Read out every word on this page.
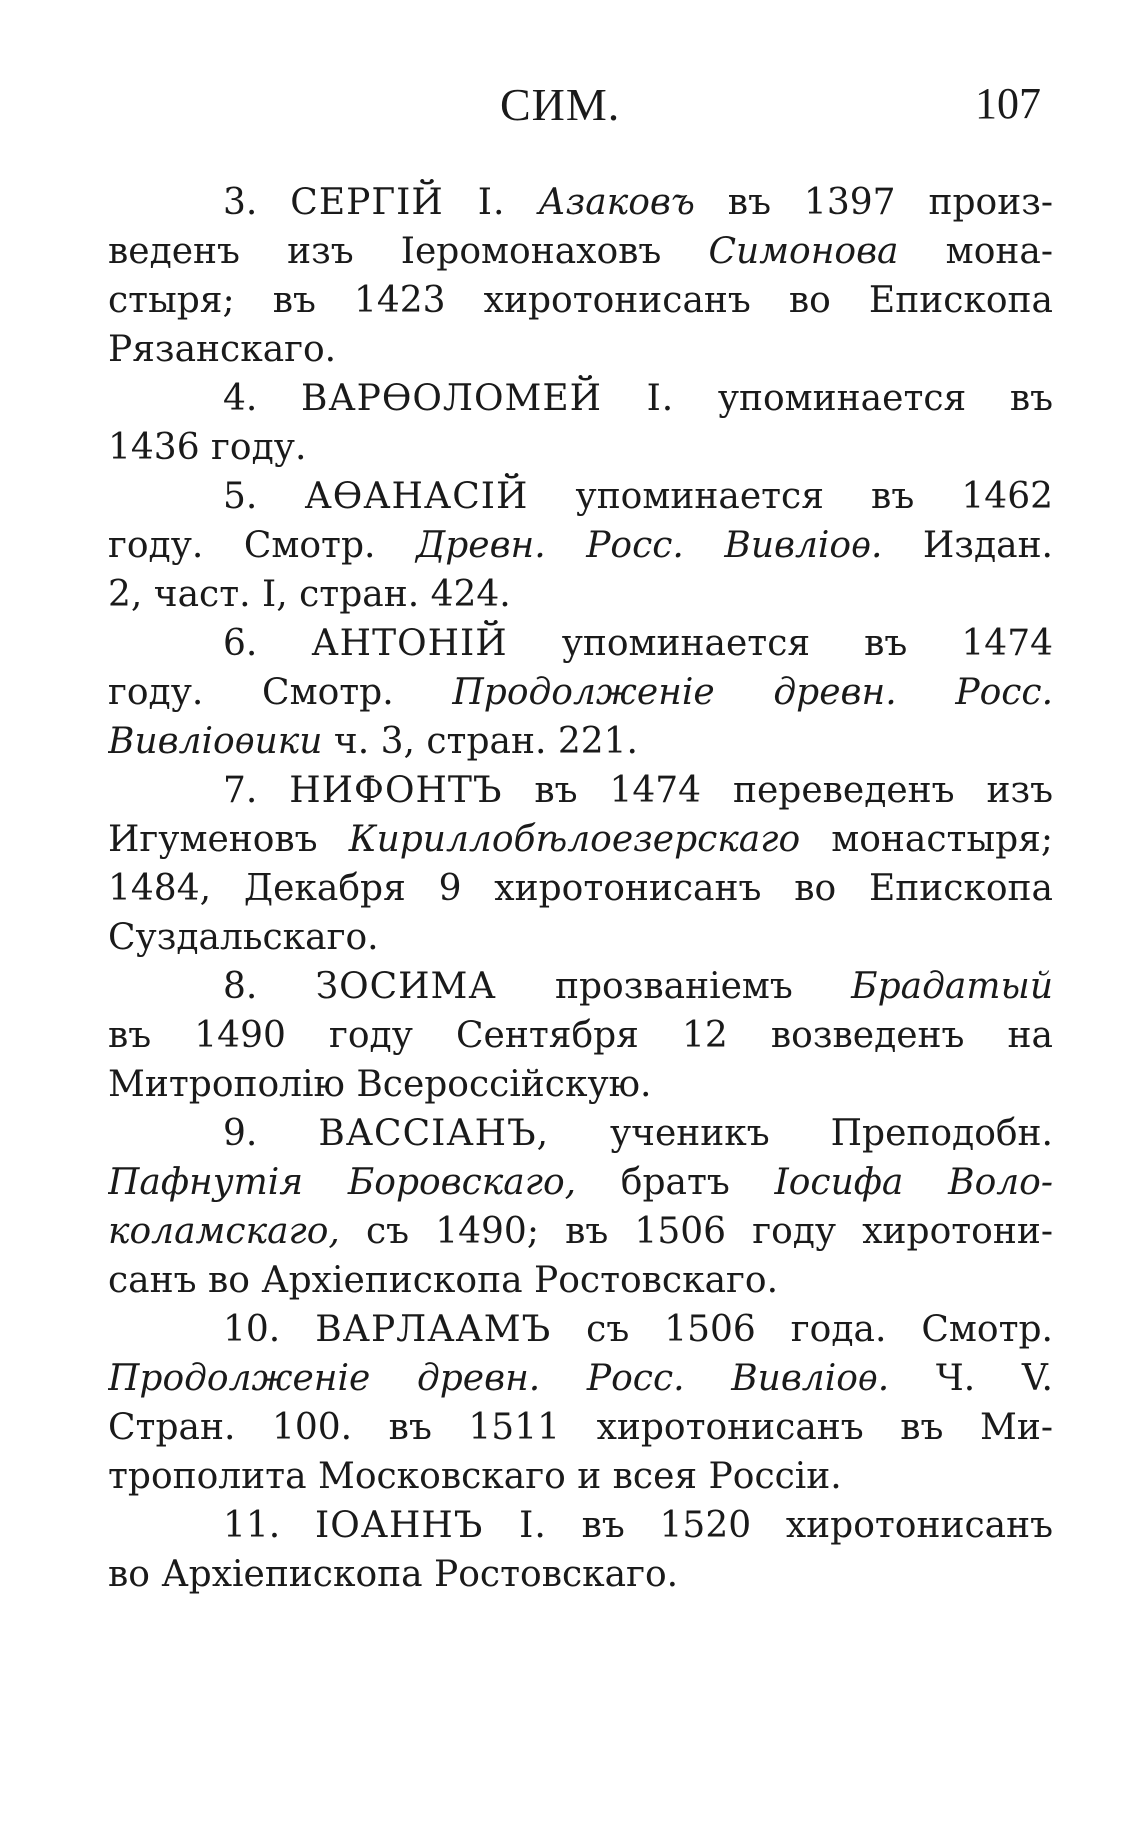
СИМ.	107
3. СЕРГІЙ І. Азаковъ въ 1397 произ-
веденъ изъ Іеромонаховъ Симонова мона-
стыря; въ 1423 хиротонисанъ во Епископа
Рязанскаго.
4. ВАРѲОЛОМЕЙ І. упоминается въ
1436 году.
5. АѲАНАСІЙ упоминается въ 1462
году. Смотр. Древн. Росс. Вивліоѳ. Издан.
2, част. I, стран. 424.
6. АНТОНІЙ упоминается въ 1474
году. Смотр. Продолженіе древн. Росс.
Вивліоѳики ч. 3, стран. 221.
7. НИФОНТЪ въ 1474 переведенъ изъ
Игуменовъ Кириллобѣлоезерскаго монастыря;
1484, Декабря 9 хиротонисанъ во Епископа
Суздальскаго.
8. ЗОСИМА прозваніемъ Брадатый
въ 1490 году Сентября 12 возведенъ на
Митрополію Всероссійскую.
9. ВАССІАНЪ, ученикъ Преподобн.
Пафнутія Боровскаго, братъ Іосифа Воло-
коламскаго, съ 1490; въ 1506 году хиротони-
санъ во Архіепископа Ростовскаго.
10. ВАРЛААМЪ съ 1506 года. Смотр.
Продолженіе древн. Росс. Вивліоѳ. Ч. V.
Стран. 100. въ 1511 хиротонисанъ въ Ми-
трополита Московскаго и всея Россіи.
11. ІОАННЪ І. въ 1520 хиротонисанъ
во Архіепископа Ростовскаго.
